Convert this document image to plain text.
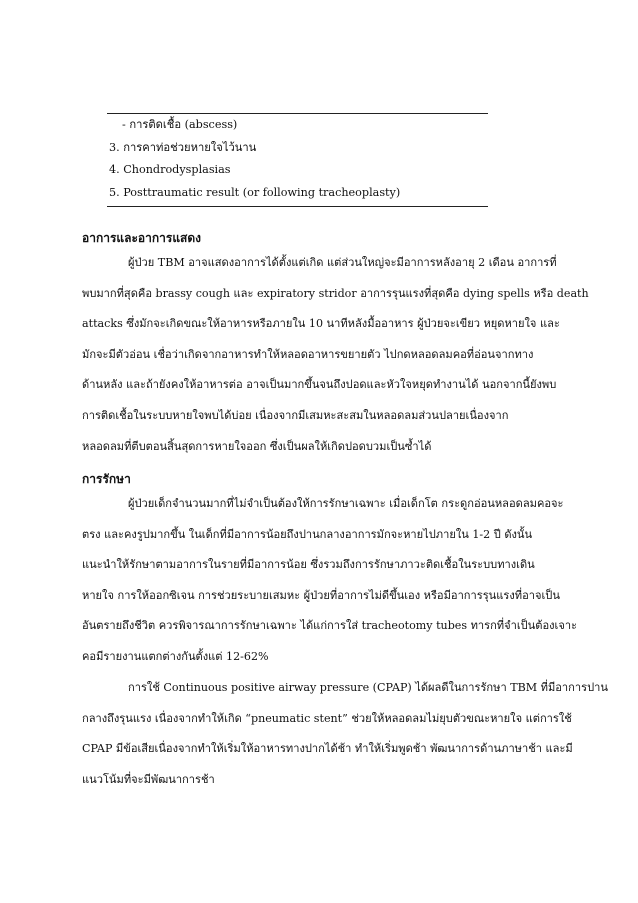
- การติดเชื้อ (abscess)
3. การคาท่อช่วยหายใจไว้นาน
4. Chondrodysplasias
5. Posttraumatic result (or following tracheoplasty)
อาการและอาการแสดง
ผู้ป่วย TBM อาจแสดงอาการได้ตั้งแต่เกิด แต่ส่วนใหญ่จะมีอาการหลังอายุ 2 เดือน อาการที่
พบมากที่สุดคือ brassy cough และ expiratory stridor อาการรุนแรงที่สุดคือ dying spells หรือ death
attacks ซึ่งมักจะเกิดขณะให้อาหารหรือภายใน 10 นาทีหลังมื้ออาหาร ผู้ป่วยจะเขียว หยุดหายใจ และ
มักจะมีตัวอ่อน เชื่อว่าเกิดจากอาหารทำให้หลอดอาหารขยายตัว ไปกดหลอดลมคอที่อ่อนจากทาง
ด้านหลัง และถ้ายังคงให้อาหารต่อ อาจเป็นมากขึ้นจนถึงปอดและหัวใจหยุดทำงานได้ นอกจากนี้ยังพบ
การติดเชื้อในระบบหายใจพบได้บ่อย เนื่องจากมีเสมหะสะสมในหลอดลมส่วนปลายเนื่องจาก
หลอดลมที่ตีบตอนสิ้นสุดการหายใจออก ซึ่งเป็นผลให้เกิดปอดบวมเป็นซ้ำได้
การรักษา
ผู้ป่วยเด็กจำนวนมากที่ไม่จำเป็นต้องให้การรักษาเฉพาะ เมื่อเด็กโต กระดูกอ่อนหลอดลมคอจะ
ตรง และคงรูปมากขึ้น ในเด็กที่มีอาการน้อยถึงปานกลางอาการมักจะหายไปภายใน 1-2 ปี ดังนั้น
แนะนำให้รักษาตามอาการในรายที่มีอาการน้อย ซึ่งรวมถึงการรักษาภาวะติดเชื้อในระบบทางเดิน
หายใจ การให้ออกซิเจน การช่วยระบายเสมหะ ผู้ป่วยที่อาการไม่ดีขึ้นเอง หรือมีอาการรุนแรงที่อาจเป็น
อันตรายถึงชีวิต ควรพิจารณาการรักษาเฉพาะ ได้แก่การใส่ tracheotomy tubes ทารกที่จำเป็นต้องเจาะ
คอมีรายงานแตกต่างกันตั้งแต่ 12-62%
การใช้ Continuous positive airway pressure (CPAP) ได้ผลดีในการรักษา TBM ที่มีอาการปาน
กลางถึงรุนแรง เนื่องจากทำให้เกิด “pneumatic stent” ช่วยให้หลอดลมไม่ยุบตัวขณะหายใจ แต่การใช้
CPAP มีข้อเสียเนื่องจากทำให้เริ่มให้อาหารทางปากได้ช้า ทำให้เริ่มพูดช้า พัฒนาการด้านภาษาช้า และมี
แนวโน้มที่จะมีพัฒนาการช้า
